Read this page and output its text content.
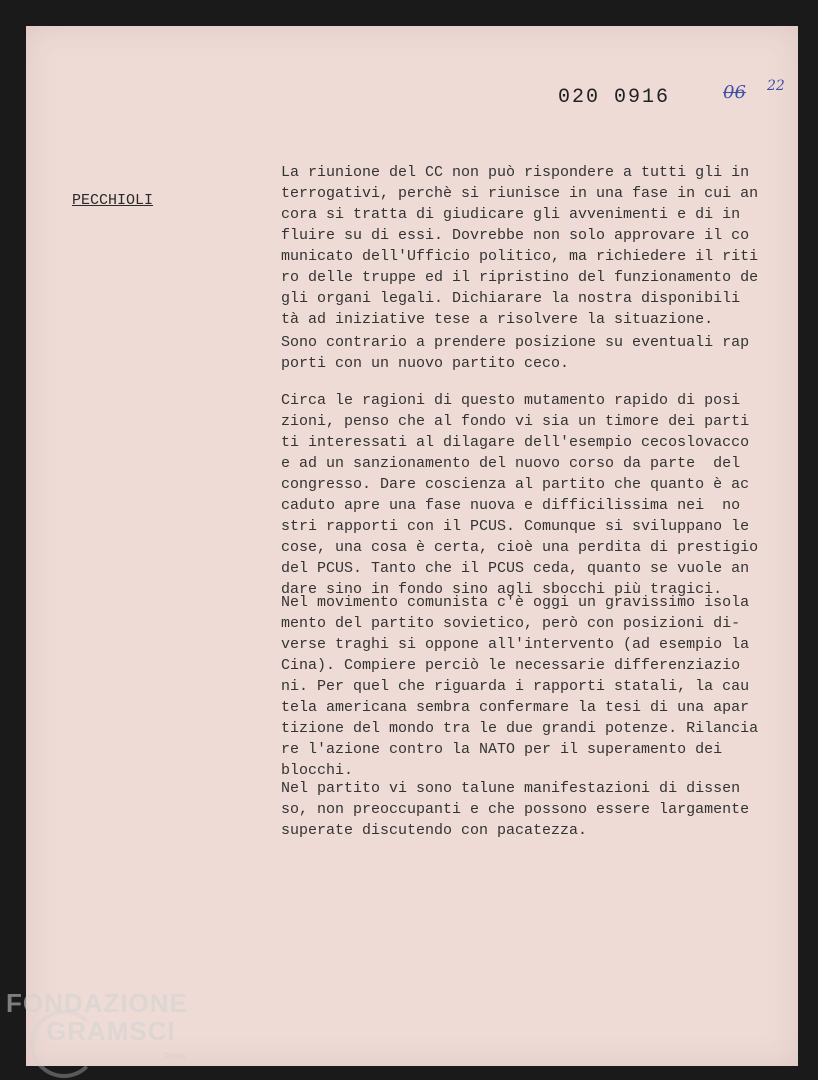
020 0916	06 22
PECCHIOLI

La riunione del CC non può rispondere a tutti gli in
terrogativi, perchè si riunisce in una fase in cui an
cora si tratta di giudicare gli avvenimenti e di in
fluire su di essi. Dovrebbe non solo approvare il co
municato dell'Ufficio politico, ma richiedere il riti
ro delle truppe ed il ripristino del funzionamento de
gli organi legali. Dichiarare la nostra disponibili
tà ad iniziative tese a risolvere la situazione.

Sono contrario a prendere posizione su eventuali rap
porti con un nuovo partito ceco.

Circa le ragioni di questo mutamento rapido di posi
zioni, penso che al fondo vi sia un timore dei parti
ti interessati al dilagare dell'esempio cecoslovacco
e ad un sanzionamento del nuovo corso da parte  del
congresso. Dare coscienza al partito che quanto è ac
caduto apre una fase nuova e difficilissima nei  no
stri rapporti con il PCUS. Comunque si sviluppano le
cose, una cosa è certa, cioè una perdita di prestigio
del PCUS. Tanto che il PCUS ceda, quanto se vuole an
dare sino in fondo sino agli sbocchi più tragici.

Nel movimento comunista c'è oggi un gravissimo isola
mento del partito sovietico, però con posizioni di-
verse traghi si oppone all'intervento (ad esempio la
Cina). Compiere perciò le necessarie differenziazio
ni. Per quel che riguarda i rapporti statali, la cau
tela americana sembra confermare la tesi di una apar
tizione del mondo tra le due grandi potenze. Rilancia
re l'azione contro la NATO per il superamento dei
blocchi.

Nel partito vi sono talune manifestazioni di dissen
so, non preoccupanti e che possono essere largamente
superate discutendo con pacatezza.

FONDAZIONE
GRAMSCI
onlus
